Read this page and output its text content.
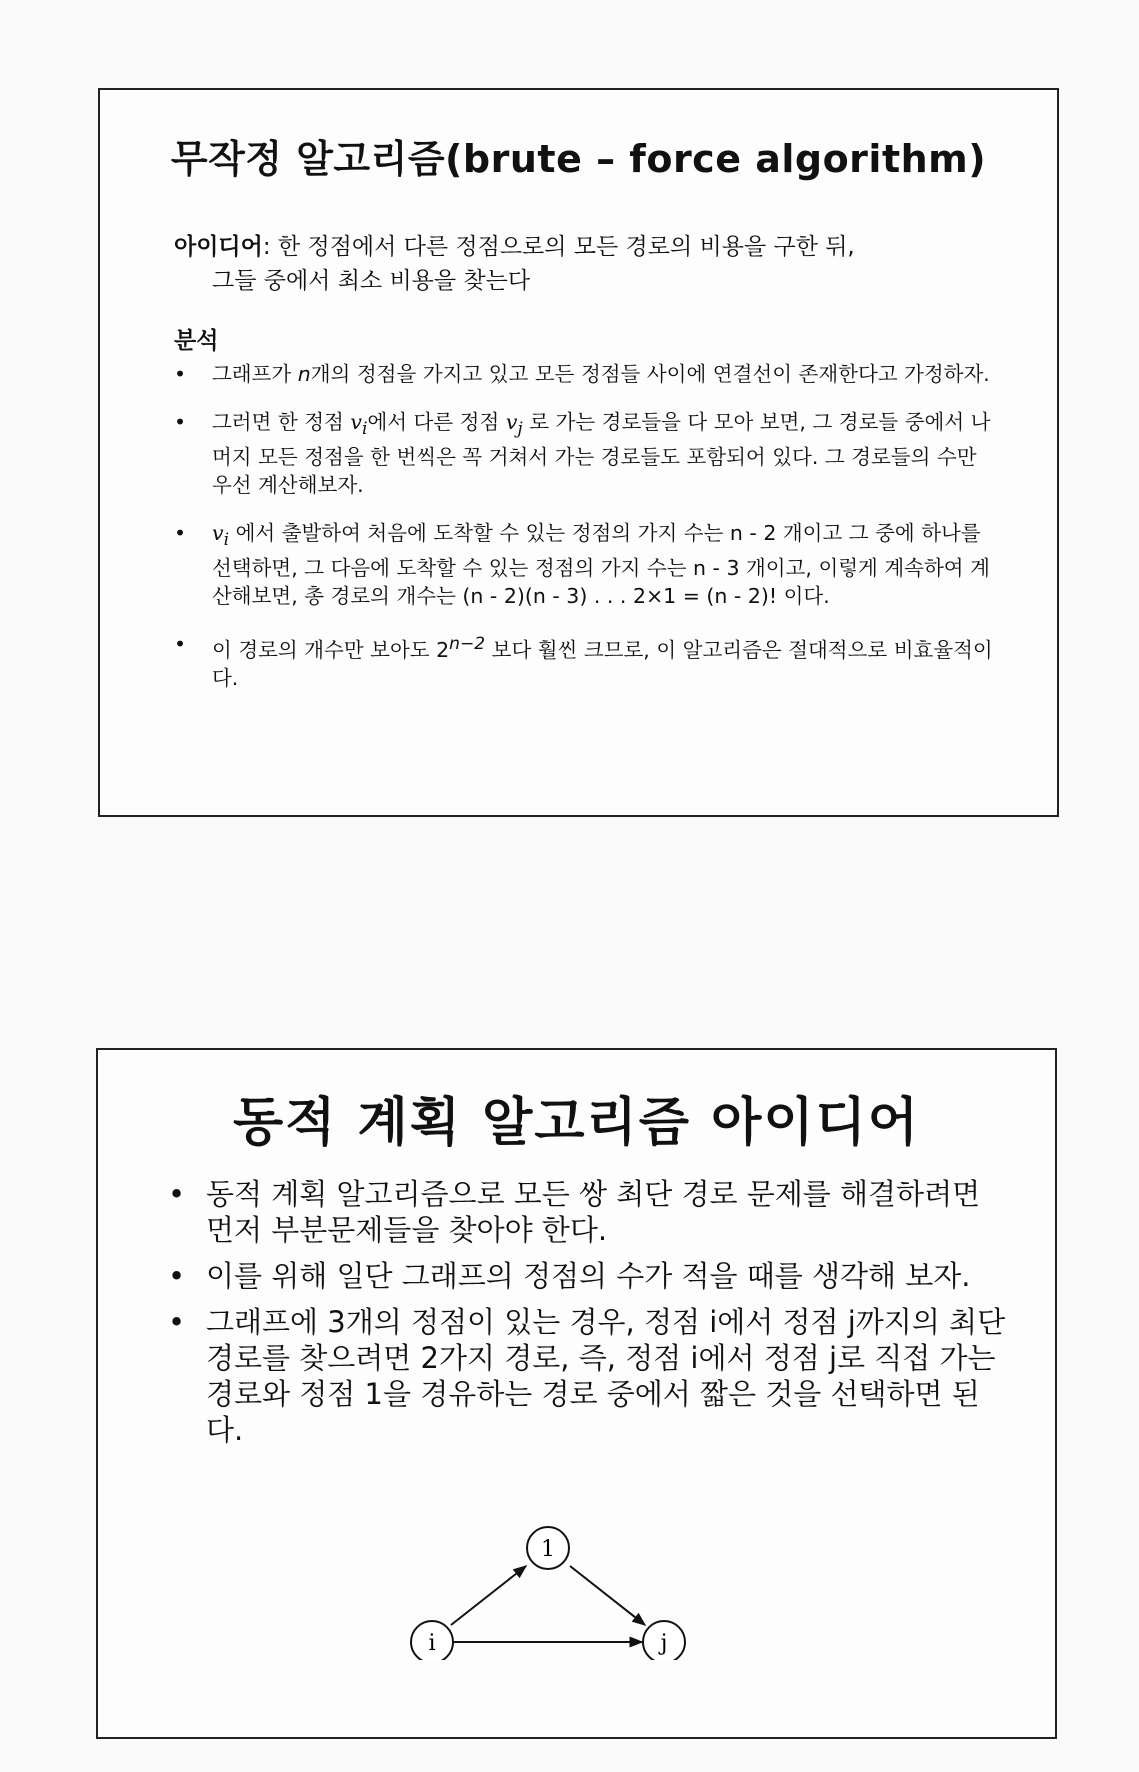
무작정 알고리즘(brute – force algorithm)
아이디어: 한 정점에서 다른 정점으로의 모든 경로의 비용을 구한 뒤,
그들 중에서 최소 비용을 찾는다
분석
• 그래프가 n개의 정점을 가지고 있고 모든 정점들 사이에 연결선이 존재한다고 가정하자.
• 그러면 한 정점 $v_i$에서 다른 정점 $v_j$ 로 가는 경로들을 다 모아 보면, 그 경로들 중에서 나머지 모든 정점을 한 번씩은 꼭 거쳐서 가는 경로들도 포함되어 있다. 그 경로들의 수만 우선 계산해보자.
• $v_i$ 에서 출발하여 처음에 도착할 수 있는 정점의 가지 수는 n - 2 개이고 그 중에 하나를 선택하면, 그 다음에 도착할 수 있는 정점의 가지 수는 n - 3 개이고, 이렇게 계속하여 계산해보면, 총 경로의 개수는 (n - 2)(n - 3) . . . 2×1 = (n - 2)! 이다.
• 이 경로의 개수만 보아도 $2^{n-2}$ 보다 훨씬 크므로, 이 알고리즘은 절대적으로 비효율적이다.
동적 계획 알고리즘 아이디어
• 동적 계획 알고리즘으로 모든 쌍 최단 경로 문제를 해결하려면 먼저 부분문제들을 찾아야 한다.
• 이를 위해 일단 그래프의 정점의 수가 적을 때를 생각해 보자.
• 그래프에 3개의 정점이 있는 경우, 정점 i에서 정점 j까지의 최단 경로를 찾으려면 2가지 경로, 즉, 정점 i에서 정점 j로 직접 가는 경로와 정점 1을 경유하는 경로 중에서 짧은 것을 선택하면 된다.
1
i	j
